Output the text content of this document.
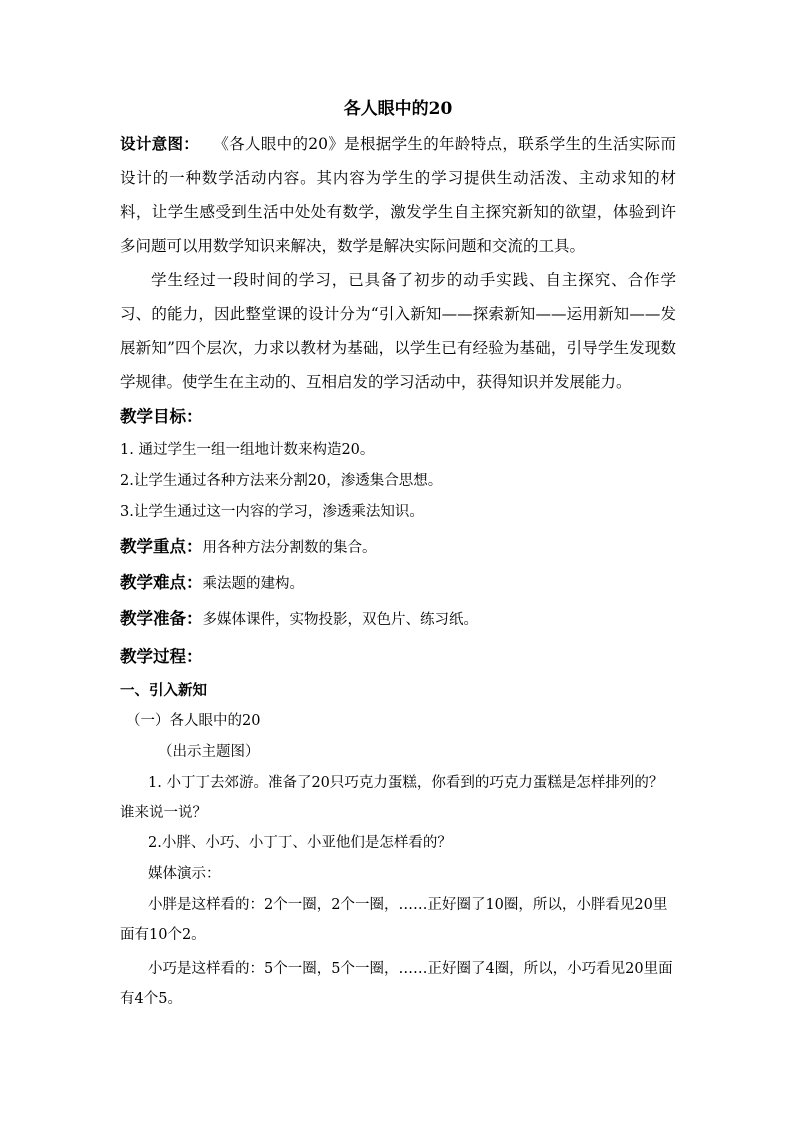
各人眼中的20

设计意图： 《各人眼中的20》是根据学生的年龄特点，联系学生的生活实际而设计的一种数学活动内容。其内容为学生的学习提供生动活泼、主动求知的材料，让学生感受到生活中处处有数学，激发学生自主探究新知的欲望，体验到许多问题可以用数学知识来解决，数学是解决实际问题和交流的工具。

学生经过一段时间的学习，已具备了初步的动手实践、自主探究、合作学习、的能力，因此整堂课的设计分为“引入新知——探索新知——运用新知——发展新知”四个层次，力求以教材为基础，以学生已有经验为基础，引导学生发现数学规律。使学生在主动的、互相启发的学习活动中，获得知识并发展能力。

教学目标：

1. 通过学生一组一组地计数来构造20。

2.让学生通过各种方法来分割20，渗透集合思想。

3.让学生通过这一内容的学习，渗透乘法知识。

教学重点：用各种方法分割数的集合。

教学难点：乘法题的建构。

教学准备：多媒体课件，实物投影，双色片、练习纸。

教学过程：

一、引入新知

（一）各人眼中的20

（出示主题图）

1. 小丁丁去郊游。准备了20只巧克力蛋糕，你看到的巧克力蛋糕是怎样排列的？谁来说一说？

2.小胖、小巧、小丁丁、小亚他们是怎样看的？

媒体演示：

小胖是这样看的：2个一圈，2个一圈，……正好圈了10圈，所以，小胖看见20里面有10个2。

小巧是这样看的：5个一圈，5个一圈，……正好圈了4圈，所以，小巧看见20里面有4个5。
